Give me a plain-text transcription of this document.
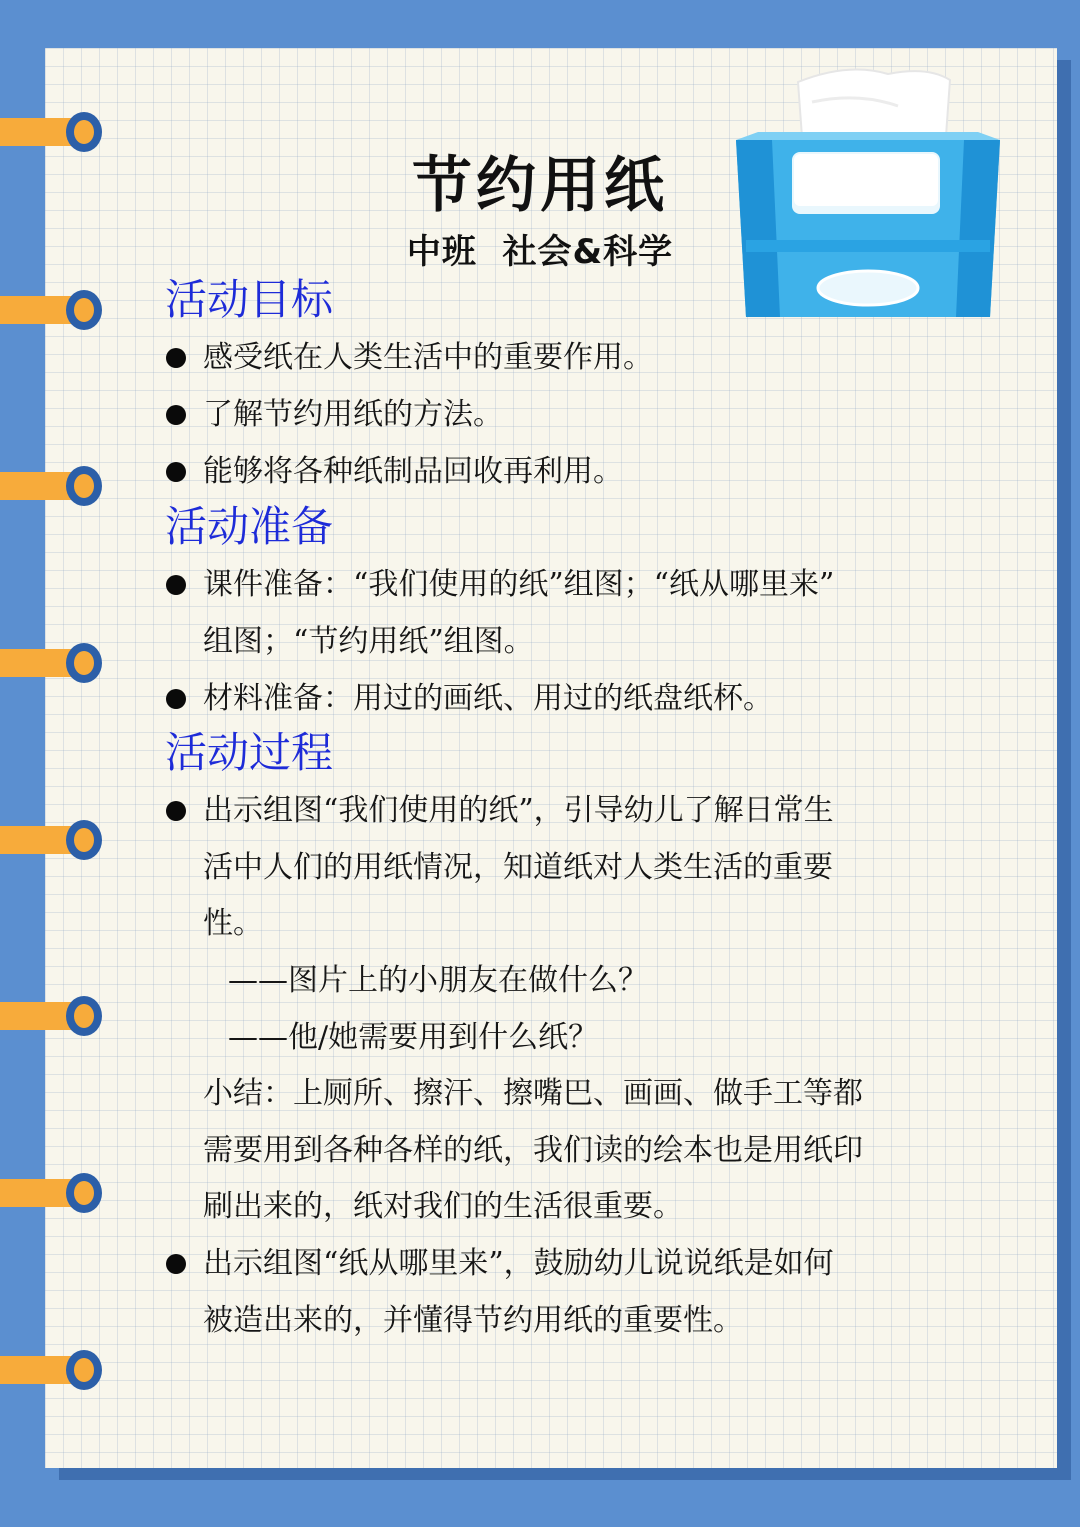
节约用纸
中班  社会&科学
活动目标
感受纸在人类生活中的重要作用。
了解节约用纸的方法。
能够将各种纸制品回收再利用。
活动准备
课件准备：“我们使用的纸”组图；“纸从哪里来”
组图；“节约用纸”组图。
材料准备：用过的画纸、用过的纸盘纸杯。
活动过程
出示组图“我们使用的纸”，引导幼儿了解日常生
活中人们的用纸情况，知道纸对人类生活的重要
性。
——图片上的小朋友在做什么？
——他/她需要用到什么纸？
小结：上厕所、擦汗、擦嘴巴、画画、做手工等都
需要用到各种各样的纸，我们读的绘本也是用纸印
刷出来的，纸对我们的生活很重要。
出示组图“纸从哪里来”，鼓励幼儿说说纸是如何
被造出来的，并懂得节约用纸的重要性。
